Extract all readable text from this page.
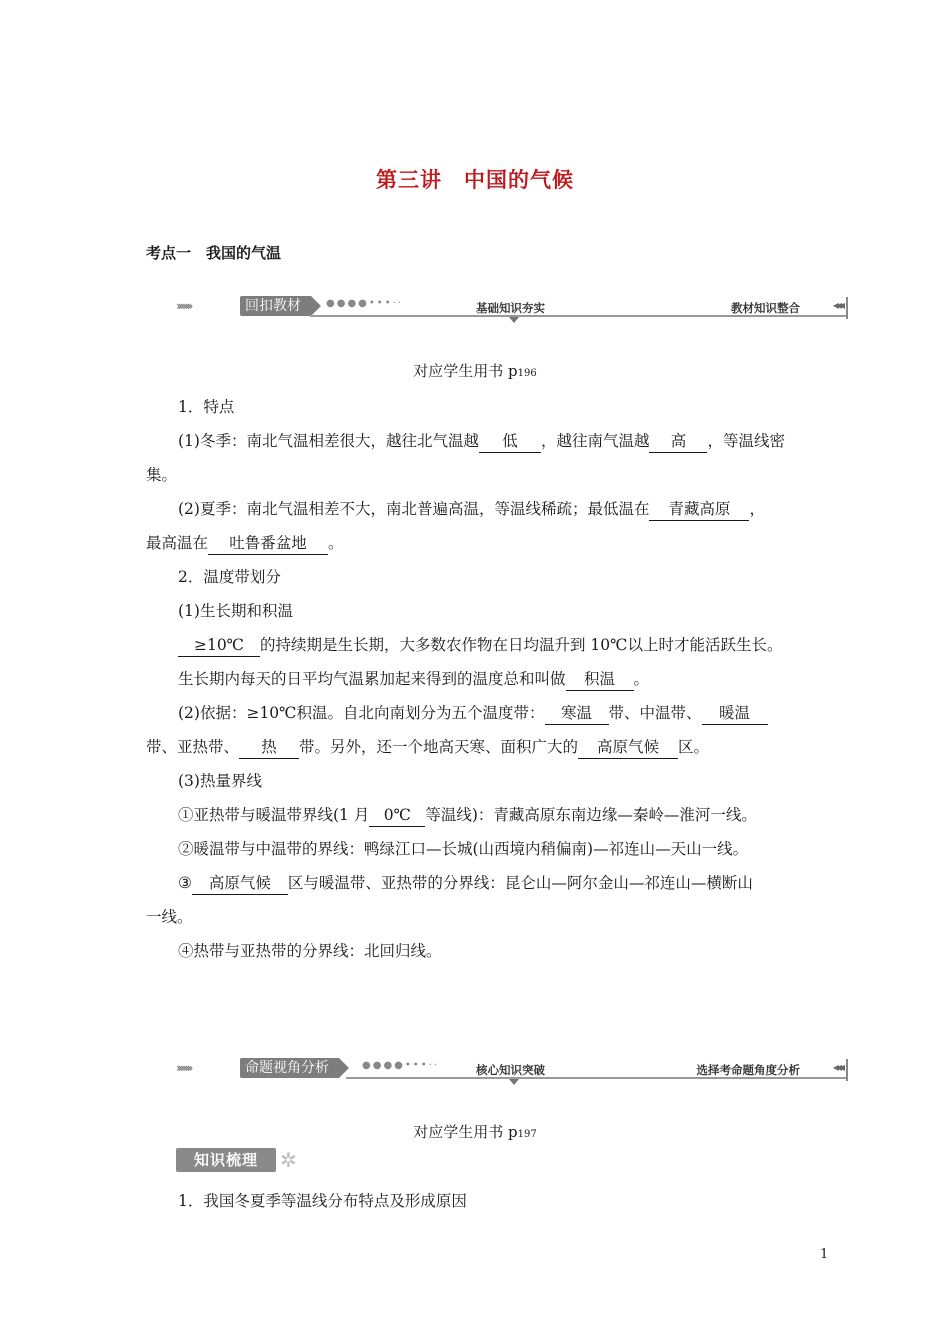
第三讲　中国的气候
考点一　我国的气温
››››››››	回扣教材	●●●●•••··	基础知识夯实	教材知识整合	◂◂◂
对应学生用书 p196
1．特点
(1)冬季：南北气温相差很大，越往北气温越 低 ，越往南气温越 高 ，等温线密
集。
(2)夏季：南北气温相差不大，南北普遍高温，等温线稀疏；最低温在 青藏高原 ，
最高温在 吐鲁番盆地 。
2．温度带划分
(1)生长期和积温
≥10℃ 的持续期是生长期，大多数农作物在日均温升到 10℃以上时才能活跃生长。
生长期内每天的日平均气温累加起来得到的温度总和叫做 积温 。
(2)依据：≥10℃积温。自北向南划分为五个温度带： 寒温 带、中温带、 暖温
带、亚热带、 热 带。另外，还一个地高天寒、面积广大的 高原气候 区。
(3)热量界线
①亚热带与暖温带界线(1 月 0℃ 等温线)：青藏高原东南边缘—秦岭—淮河一线。
②暖温带与中温带的界线：鸭绿江口—长城(山西境内稍偏南)—祁连山—天山一线。
③ 高原气候 区与暖温带、亚热带的分界线：昆仑山—阿尔金山—祁连山—横断山
一线。
④热带与亚热带的分界线：北回归线。
››››››››	命题视角分析	●●●●•••··	核心知识突破	选择考命题角度分析	◂◂◂
对应学生用书 p197
知识梳理	✲
1．我国冬夏季等温线分布特点及形成原因
1
